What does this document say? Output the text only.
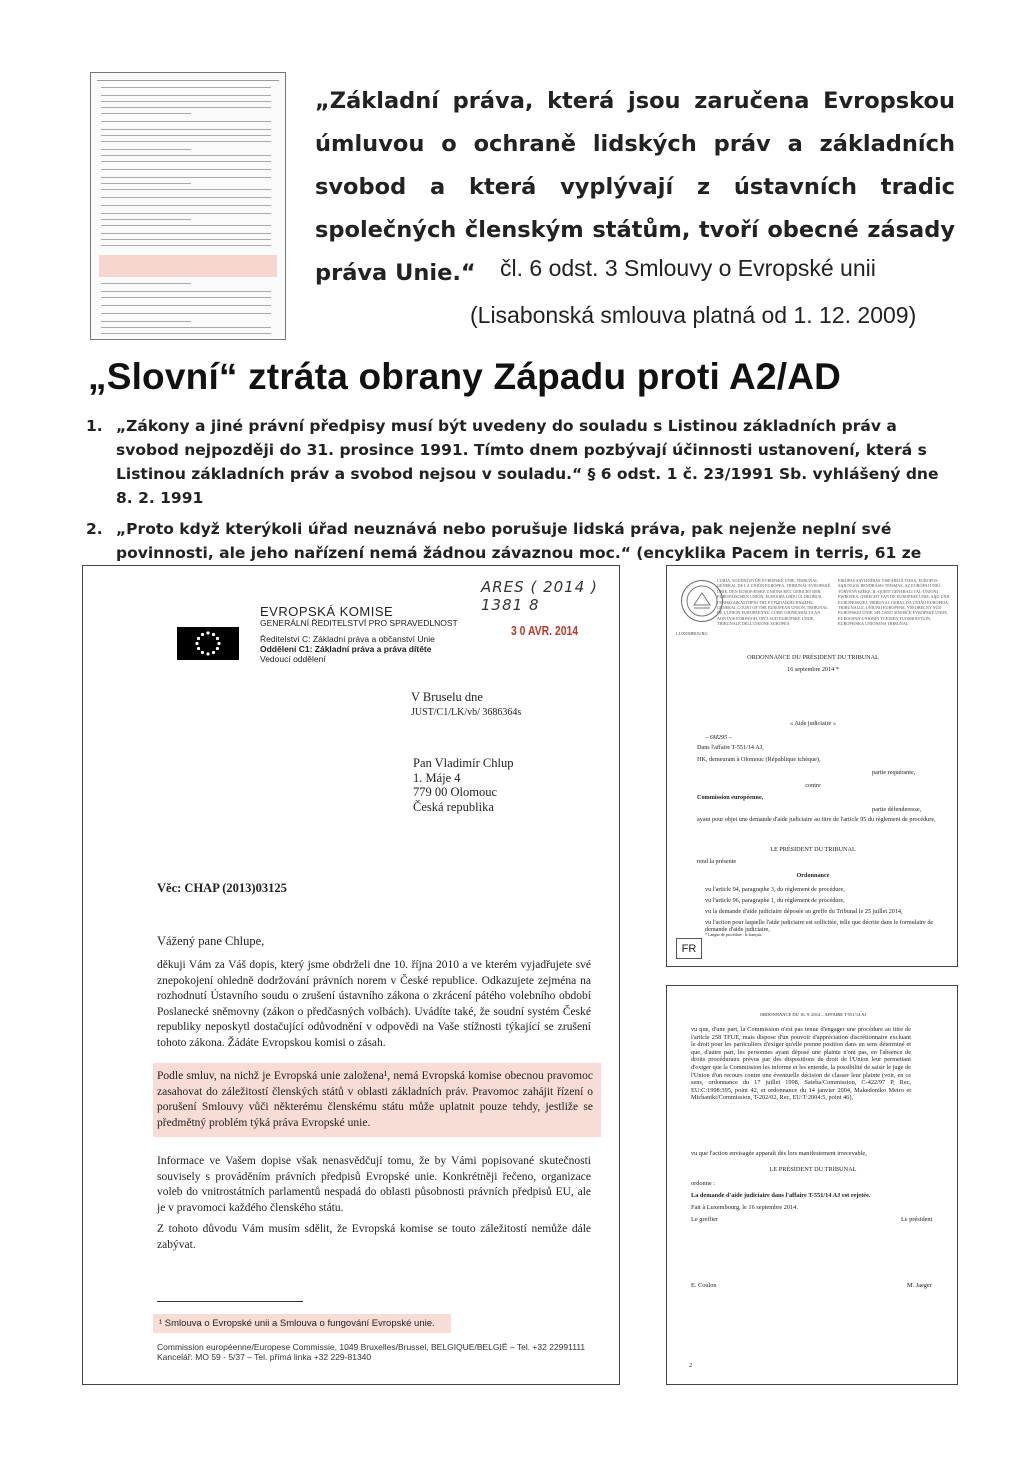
„Základní práva, která jsou zaručena Evropskou úmluvou o ochraně lidských práv a základních svobod a která vyplývají z ústavních tradic společných členským státům, tvoří obecné zásady práva Unie.“	čl. 6 odst. 3 Smlouvy o Evropské unii
(Lisabonská smlouva platná od 1. 12. 2009)
„Slovní“ ztráta obrany Západu proti A2/AD
1. „Zákony a jiné právní předpisy musí být uvedeny do souladu s Listinou základních práv a svobod nejpozději do 31. prosince 1991. Tímto dnem pozbývají účinnosti ustanovení, která s Listinou základních práv a svobod nejsou v souladu.“ § 6 odst. 1 č. 23/1991 Sb. vyhlášený dne 8. 2. 1991
2. „Proto když kterýkoli úřad neuznává nebo porušuje lidská práva, pak nejenže neplní své povinnosti, ale jeho nařízení nemá žádnou závaznou moc.“ (encyklika Pacem in terris, 61 ze
ARES ( 2014 ) 1381 8
EVROPSKÁ KOMISE
GENERÁLNÍ ŘEDITELSTVÍ PRO SPRAVEDLNOST
Ředitelství C: Základní práva a občanství Unie
Oddělení C1: Základní práva a práva dítěte
Vedoucí oddělení
3 0 AVR. 2014
V Bruselu dne
JUST/C1/LK/vb/ 3686364s
Pan Vladimír Chlup
1. Máje 4
779 00 Olomouc
Česká republika
Věc: CHAP (2013)03125
Vážený pane Chlupe,
děkuji Vám za Váš dopis, který jsme obdrželi dne 10. října 2010 a ve kterém vyjadřujete své znepokojení ohledně dodržování právních norem v České republice. Odkazujete zejména na rozhodnutí Ústavního soudu o zrušení ústavního zákona o zkrácení pátého volebního období Poslanecké sněmovny (zákon o předčasných volbách). Uvádíte také, že soudní systém České republiky neposkytl dostačující odůvodnění v odpovědi na Vaše stížnosti týkající se zrušení tohoto zákona. Žádáte Evropskou komisi o zásah.
Podle smluv, na nichž je Evropská unie založena¹, nemá Evropská komise obecnou pravomoc zasahovat do záležitostí členských států v oblasti základních práv. Pravomoc zahájit řízení o porušení Smlouvy vůči některému členskému státu může uplatnit pouze tehdy, jestliže se předmětný problém týká práva Evropské unie.
Informace ve Vašem dopise však nenasvědčují tomu, že by Vámi popisované skutečnosti souvisely s prováděním právních předpisů Evropské unie. Konkrétněji řečeno, organizace voleb do vnitrostátních parlamentů nespadá do oblasti působnosti právních předpisů EU, ale je v pravomoci každého členského státu.
Z tohoto důvodu Vám musím sdělit, že Evropská komise se touto záležitostí nemůže dále zabývat.
¹ Smlouva o Evropské unii a Smlouva o fungování Evropské unie.
Commission européenne/Europese Commissie, 1049 Bruxelles/Brussel, BELGIQUE/BELGIË – Tel. +32 22991111
Kancelář: MO 59 - 5/37 – Tel. přímá linka +32 229-81340
CURIA, SOUDNÍ DVŮR EVROPSKÉ UNIE, TRIBUNAL GENERAL DE LA UNIÓN EUROPEA, TRIBUNÁL EVROPSKÉ UNIE, DEN EUROPÆISKE UNIONS RET, GERICHT DER EUROPÄISCHEN UNION, EUROOPA LIIDU ÜLDKOHUS, ΓΕΝΙΚΟ ΔΙΚΑΣΤΗΡΙΟ ΤΗΣ ΕΥΡΩΠΑΪΚΗΣ ΕΝΩΣΗΣ, GENERAL COURT OF THE EUROPEAN UNION, TRIBUNAL DE L'UNION EUROPÉENNE, CÚIRT GHINEARÁLTA AN AONTAIS EORPAIGH, OPĆI SUD EUROPSKE UNIJE, TRIBUNALE DELL'UNIONE EUROPEA
EIROPAS SAVIENĪBAS VISPĀRĒJĀ TIESA, EUROPOS SĄJUNGOS BENDRASIS TEISMAS, AZ EURÓPAI UNIÓ TÖRVÉNYSZÉKE, IL-QORTI ĠENERALI TAL-UNJONI EWROPEA, GERECHT VAN DE EUROPESE UNIE, SĄD UNII EUROPEJSKIEJ, TRIBUNAL GERAL DA UNIÃO EUROPEIA, TRIBUNALUL UNIUNII EUROPENE, VŠEOBECNÝ SÚD EURÓPSKEJ ÚNIE, SPLOŠNO SODIŠČE EVROPSKE UNIJE, EUROOPAN UNIONIN YLEINEN TUOMIOISTUIN, EUROPEISKA UNIONENS TRIBUNAL
LUXEMBOURG
ORDONNANCE DU PRÉSIDENT DU TRIBUNAL
16 septembre 2014 *
« Aide judiciaire »
– 6M295 –
Dans l'affaire T-551/14 AJ,
HK, demeurant à Olomouc (République tchèque),
partie requérante,
contre
Commission européenne,
partie défenderesse,
ayant pour objet une demande d'aide judiciaire au titre de l'article 95 du règlement de procédure,
LE PRÉSIDENT DU TRIBUNAL
rend la présente
Ordonnance
vu l'article 94, paragraphe 3, du règlement de procédure,
vu l'article 96, paragraphe 1, du règlement de procédure,
vu la demande d'aide judiciaire déposée au greffe du Tribunal le 25 juillet 2014,
vu l'action pour laquelle l'aide judiciaire est sollicitée, telle que décrite dans le formulaire de demande d'aide judiciaire,
* Langue de procédure : le français.
FR
ORDONNANCE DU 16. 9. 2014 – AFFAIRE T-551/14 AJ
vu que, d'une part, la Commission n'est pas tenue d'engager une procédure au titre de l'article 258 TFUE, mais dispose d'un pouvoir d'appréciation discrétionnaire excluant le droit pour les particuliers d'exiger qu'elle prenne position dans un sens déterminé et que, d'autre part, les personnes ayant déposé une plainte n'ont pas, en l'absence de droits procéduraux prévus par des dispositions de droit de l'Union leur permettant d'exiger que la Commission les informe et les entende, la possibilité de saisir le juge de l'Union d'un recours contre une éventuelle décision de classer leur plainte (voir, en ce sens, ordonnance du 17 juillet 1998, Sateba/Commission, C-422/97 P, Rec, EU:C:1998:395, point 42, et ordonnance du 14 janvier 2004, Makedoniko Metro et Michaniki/Commission, T-202/02, Rec, EU:T:2004:5, point 46),
vu que l'action envisagée apparaît dès lors manifestement irrecevable,
LE PRÉSIDENT DU TRIBUNAL
ordonne :
La demande d'aide judiciaire dans l'affaire T-551/14 AJ est rejetée.
Fait à Luxembourg, le 16 septembre 2014.
Le greffier	Le président
E. Coulon	M. Jaeger
2
